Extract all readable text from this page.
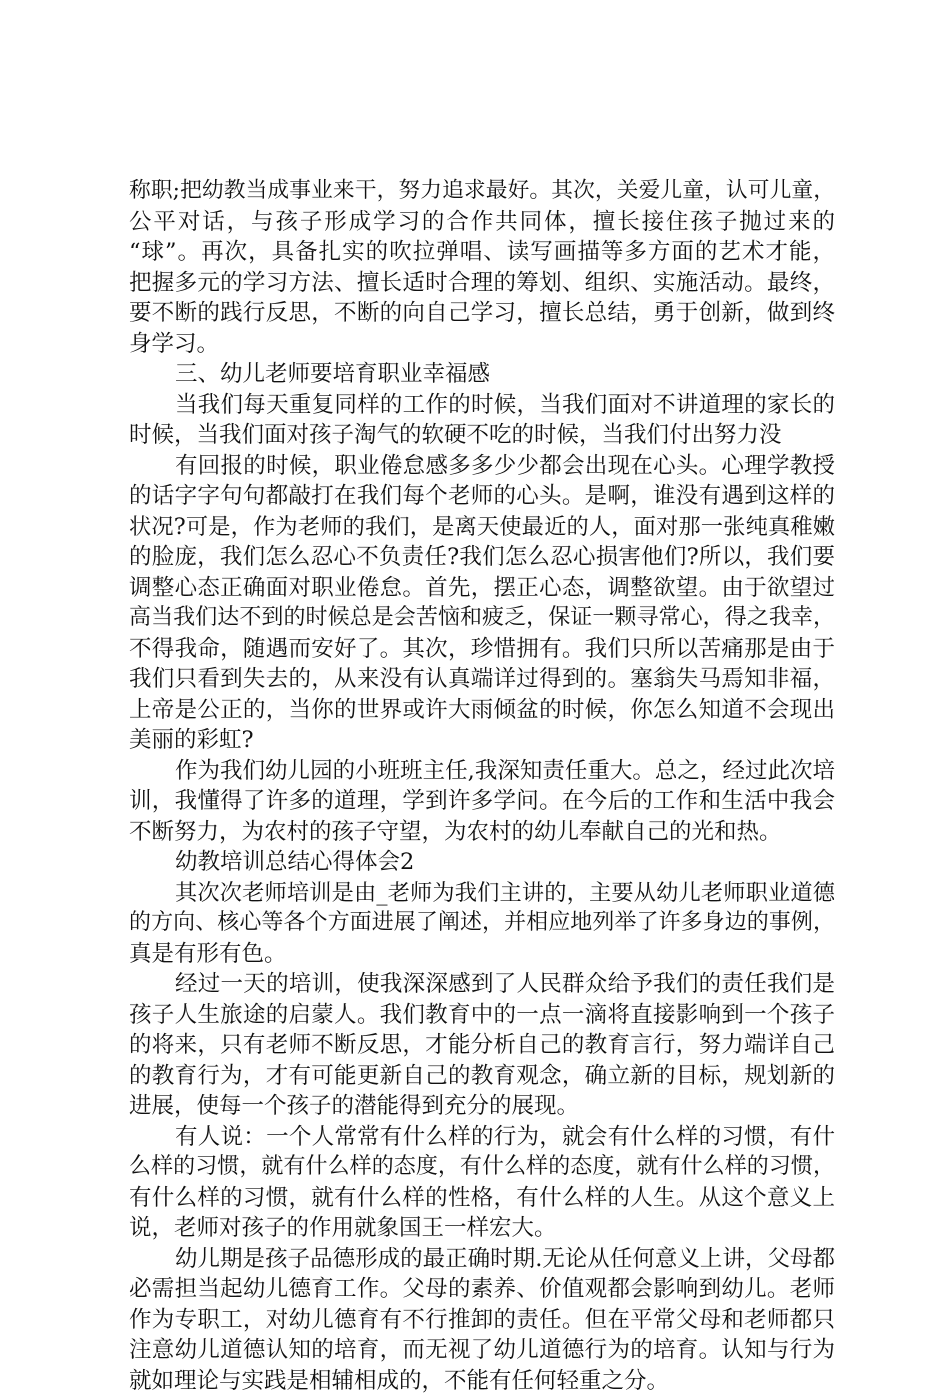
称职;把幼教当成事业来干，努力追求最好。其次，关爱儿童，认可儿童，
公平对话，与孩子形成学习的合作共同体，擅长接住孩子抛过来的
“球”。再次，具备扎实的吹拉弹唱、读写画描等多方面的艺术才能，
把握多元的学习方法、擅长适时合理的筹划、组织、实施活动。最终，
要不断的践行反思，不断的向自己学习，擅长总结，勇于创新，做到终
身学习。
三、幼儿老师要培育职业幸福感
当我们每天重复同样的工作的时候，当我们面对不讲道理的家长的
时候，当我们面对孩子淘气的软硬不吃的时候，当我们付出努力没
有回报的时候，职业倦怠感多多少少都会出现在心头。心理学教授
的话字字句句都敲打在我们每个老师的心头。是啊，谁没有遇到这样的
状况?可是，作为老师的我们，是离天使最近的人，面对那一张纯真稚嫩
的脸庞，我们怎么忍心不负责任?我们怎么忍心损害他们?所以，我们要
调整心态正确面对职业倦怠。首先，摆正心态，调整欲望。由于欲望过
高当我们达不到的时候总是会苦恼和疲乏，保证一颗寻常心，得之我幸，
不得我命，随遇而安好了。其次，珍惜拥有。我们只所以苦痛那是由于
我们只看到失去的，从来没有认真端详过得到的。塞翁失马焉知非福，
上帝是公正的，当你的世界或许大雨倾盆的时候，你怎么知道不会现出
美丽的彩虹?
作为我们幼儿园的小班班主任,我深知责任重大。总之，经过此次培
训，我懂得了许多的道理，学到许多学问。在今后的工作和生活中我会
不断努力，为农村的孩子守望，为农村的幼儿奉献自己的光和热。
幼教培训总结心得体会2
其次次老师培训是由_老师为我们主讲的，主要从幼儿老师职业道德
的方向、核心等各个方面进展了阐述，并相应地列举了许多身边的事例，
真是有形有色。
经过一天的培训，使我深深感到了人民群众给予我们的责任我们是
孩子人生旅途的启蒙人。我们教育中的一点一滴将直接影响到一个孩子
的将来，只有老师不断反思，才能分析自己的教育言行，努力端详自己
的教育行为，才有可能更新自己的教育观念，确立新的目标，规划新的
进展，使每一个孩子的潜能得到充分的展现。
有人说：一个人常常有什么样的行为，就会有什么样的习惯，有什
么样的习惯，就有什么样的态度，有什么样的态度，就有什么样的习惯，
有什么样的习惯，就有什么样的性格，有什么样的人生。从这个意义上
说，老师对孩子的作用就象国王一样宏大。
幼儿期是孩子品德形成的最正确时期.无论从任何意义上讲，父母都
必需担当起幼儿德育工作。父母的素养、价值观都会影响到幼儿。老师
作为专职工，对幼儿德育有不行推卸的责任。但在平常父母和老师都只
注意幼儿道德认知的培育，而无视了幼儿道德行为的培育。认知与行为
就如理论与实践是相辅相成的，不能有任何轻重之分。
